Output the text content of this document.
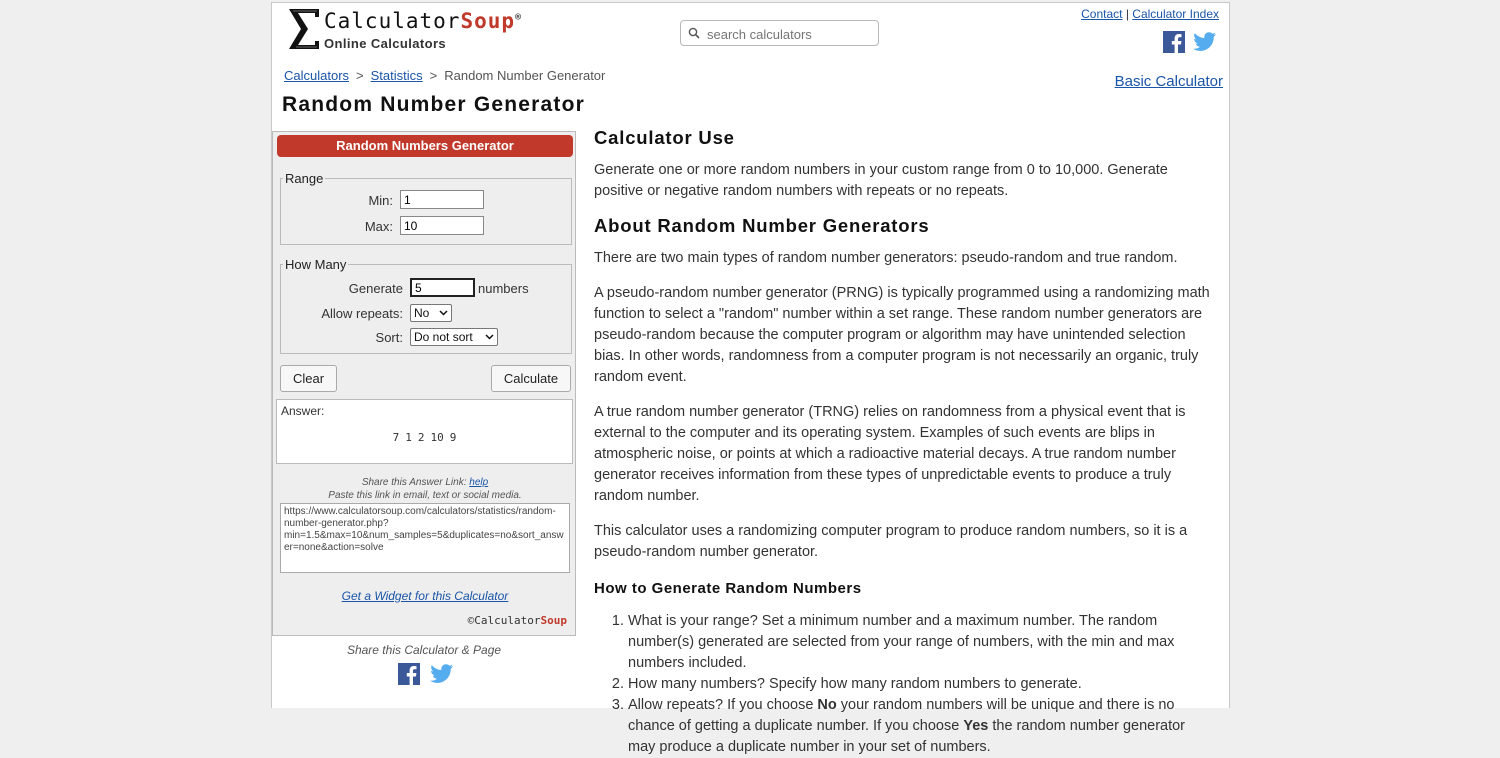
CalculatorSoup®
Online Calculators
search calculators
Contact | Calculator Index
Calculators > Statistics > Random Number Generator	Basic Calculator
Random Number Generator
Random Numbers Generator
Range
Min:
1
Max:
10
How Many
Generate
5	numbers
Allow repeats: No
Sort: Do not sort
Clear	Calculate
Answer:
7 1 2 10 9
Share this Answer Link: help
Paste this link in email, text or social media.
https://www.calculatorsoup.com/calculators/statistics/random-number-generator.php?min=1.5&max=10&num_samples=5&duplicates=no&sort_answer=none&action=solve
Get a Widget for this Calculator
©CalculatorSoup
Share this Calculator & Page
Calculator Use

Generate one or more random numbers in your custom range from 0 to 10,000. Generate positive or negative random numbers with repeats or no repeats.

About Random Number Generators

There are two main types of random number generators: pseudo-random and true random.

A pseudo-random number generator (PRNG) is typically programmed using a randomizing math function to select a "random" number within a set range. These random number generators are pseudo-random because the computer program or algorithm may have unintended selection bias. In other words, randomness from a computer program is not necessarily an organic, truly random event.

A true random number generator (TRNG) relies on randomness from a physical event that is external to the computer and its operating system. Examples of such events are blips in atmospheric noise, or points at which a radioactive material decays. A true random number generator receives information from these types of unpredictable events to produce a truly random number.

This calculator uses a randomizing computer program to produce random numbers, so it is a pseudo-random number generator.

How to Generate Random Numbers
1. What is your range? Set a minimum number and a maximum number. The random number(s) generated are selected from your range of numbers, with the min and max numbers included.
2. How many numbers? Specify how many random numbers to generate.
3. Allow repeats? If you choose No your random numbers will be unique and there is no chance of getting a duplicate number. If you choose Yes the random number generator may produce a duplicate number in your set of numbers.
